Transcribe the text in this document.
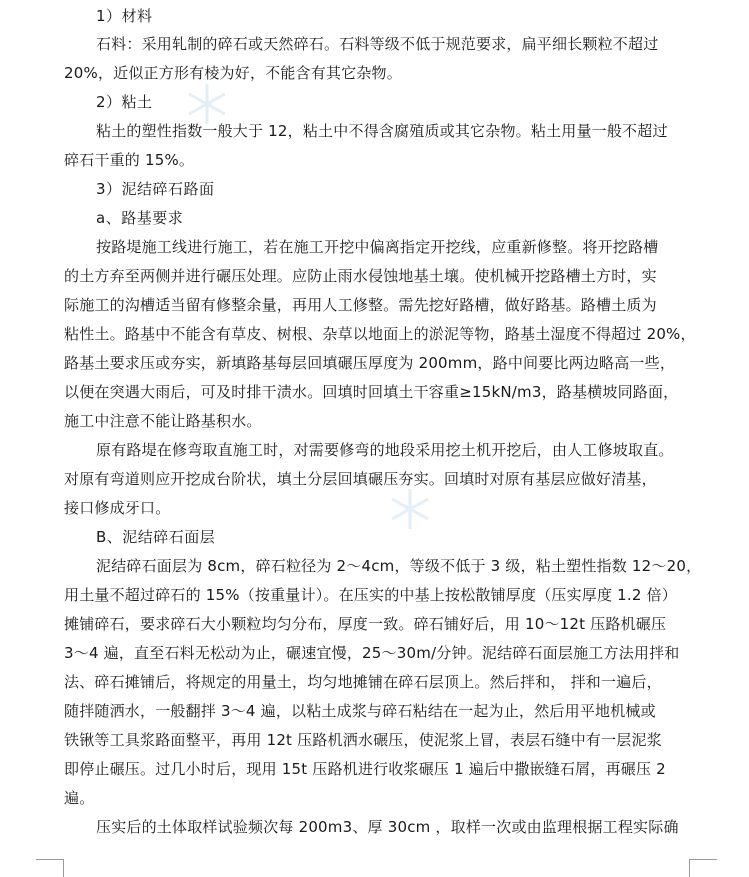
1）材料
石料：采用轧制的碎石或天然碎石。石料等级不低于规范要求，扁平细长颗粒不超过
20%，近似正方形有棱为好，不能含有其它杂物。
2）粘土
粘土的塑性指数一般大于 12，粘土中不得含腐殖质或其它杂物。粘土用量一般不超过
碎石干重的 15%。
3）泥结碎石路面
a、路基要求
按路堤施工线进行施工，若在施工开挖中偏离指定开挖线，应重新修整。将开挖路槽
的土方弃至两侧并进行碾压处理。应防止雨水侵蚀地基土壤。使机械开挖路槽土方时，实
际施工的沟槽适当留有修整余量，再用人工修整。需先挖好路槽，做好路基。路槽土质为
粘性土。路基中不能含有草皮、树根、杂草以地面上的淤泥等物，路基土湿度不得超过 20%，
路基土要求压或夯实，新填路基每层回填碾压厚度为 200mm，路中间要比两边略高一些，
以便在突遇大雨后，可及时排干渍水。回填时回填土干容重≥15kN/m3，路基横坡同路面，
施工中注意不能让路基积水。
原有路堤在修弯取直施工时，对需要修弯的地段采用挖土机开挖后，由人工修坡取直。
对原有弯道则应开挖成台阶状，填土分层回填碾压夯实。回填时对原有基层应做好清基，
接口修成牙口。
B、泥结碎石面层
泥结碎石面层为 8cm，碎石粒径为 2～4cm，等级不低于 3 级，粘土塑性指数 12～20，
用土量不超过碎石的 15%（按重量计）。在压实的中基上按松散铺厚度（压实厚度 1.2 倍）
摊铺碎石，要求碎石大小颗粒均匀分布，厚度一致。碎石铺好后，用 10～12t 压路机碾压
3～4 遍，直至石料无松动为止，碾速宜慢，25～30m/分钟。泥结碎石面层施工方法用拌和
法、碎石摊铺后，将规定的用量土，均匀地摊铺在碎石层顶上。然后拌和， 拌和一遍后，
随拌随洒水，一般翻拌 3～4 遍，以粘土成浆与碎石粘结在一起为止，然后用平地机械或
铁锹等工具浆路面整平，再用 12t 压路机洒水碾压，使泥浆上冒，表层石缝中有一层泥浆
即停止碾压。过几小时后，现用 15t 压路机进行收浆碾压 1 遍后中撒嵌缝石屑，再碾压 2
遍。
压实后的土体取样试验频次每 200m3、厚 30cm ，取样一次或由监理根据工程实际确
